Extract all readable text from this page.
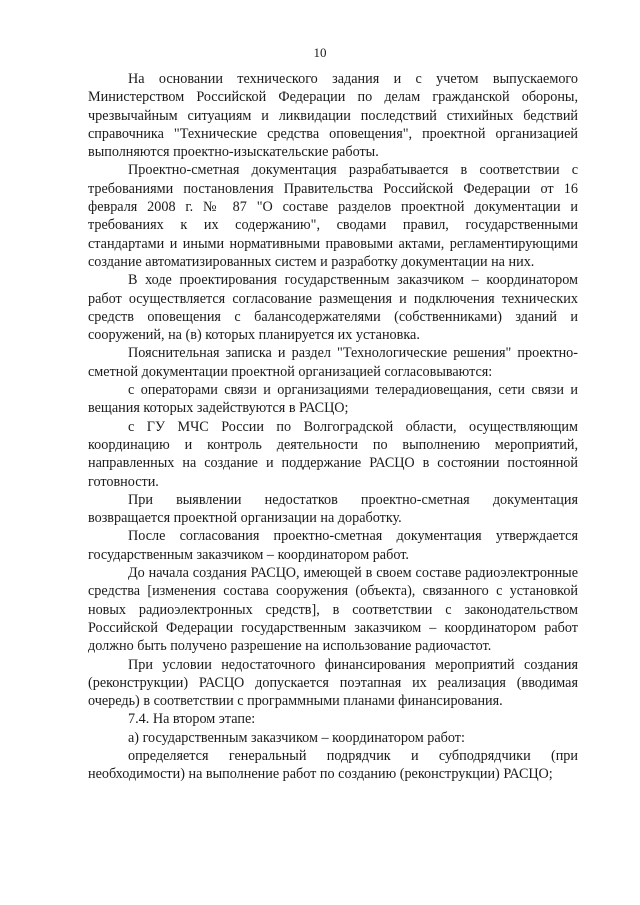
10

На основании технического задания и с учетом выпускаемого Министерством Российской Федерации по делам гражданской обороны, чрезвычайным ситуациям и ликвидации последствий стихийных бедствий справочника "Технические средства оповещения", проектной организацией выполняются проектно-изыскательские работы.

Проектно-сметная документация разрабатывается в соответствии с требованиями постановления Правительства Российской Федерации от 16 февраля 2008 г. № 87 "О составе разделов проектной документации и требованиях к их содержанию", сводами правил, государственными стандартами и иными нормативными правовыми актами, регламентирующими создание автоматизированных систем и разработку документации на них.

В ходе проектирования государственным заказчиком – координатором работ осуществляется согласование размещения и подключения технических средств оповещения с балансодержателями (собственниками) зданий и сооружений, на (в) которых планируется их установка.

Пояснительная записка и раздел "Технологические решения" проектно-сметной документации проектной организацией согласовываются:

с операторами связи и организациями телерадиовещания, сети связи и вещания которых задействуются в РАСЦО;

с ГУ МЧС России по Волгоградской области, осуществляющим координацию и контроль деятельности по выполнению мероприятий, направленных на создание и поддержание РАСЦО в состоянии постоянной готовности.

При выявлении недостатков проектно-сметная документация возвращается проектной организации на доработку.

После согласования проектно-сметная документация утверждается государственным заказчиком – координатором работ.

До начала создания РАСЦО, имеющей в своем составе радиоэлектронные средства [изменения состава сооружения (объекта), связанного с установкой новых радиоэлектронных средств], в соответствии с законодательством Российской Федерации государственным заказчиком – координатором работ должно быть получено разрешение на использование радиочастот.

При условии недостаточного финансирования мероприятий создания (реконструкции) РАСЦО допускается поэтапная их реализация (вводимая очередь) в соответствии с программными планами финансирования.

7.4. На втором этапе:

а) государственным заказчиком – координатором работ:

определяется генеральный подрядчик и субподрядчики (при необходимости) на выполнение работ по созданию (реконструкции) РАСЦО;
